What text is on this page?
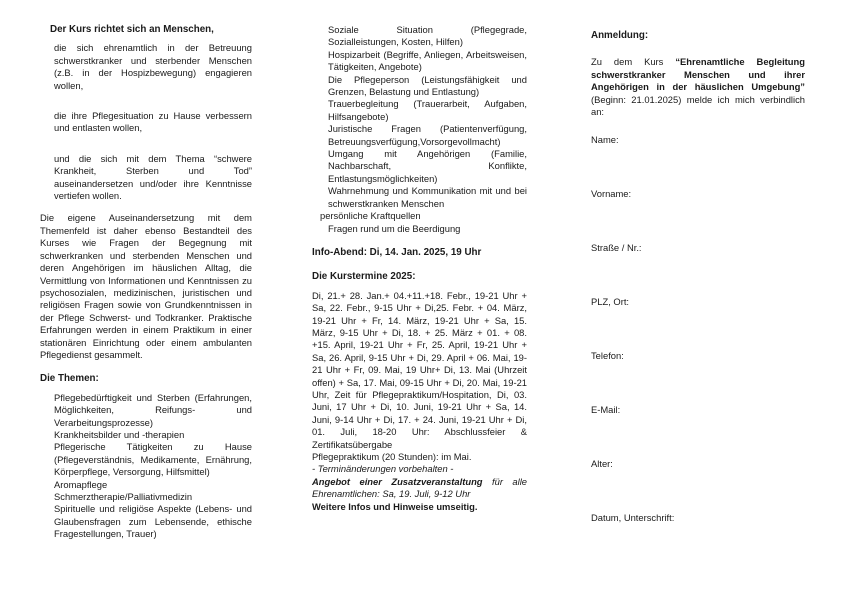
Der Kurs richtet sich an Menschen,

die sich ehrenamtlich in der Betreuung schwerstkranker und sterbender Menschen (z.B. in der Hospizbewegung) engagieren wollen,

die ihre Pflegesituation zu Hause verbessern und entlasten wollen,

und die sich mit dem Thema “schwere Krankheit, Sterben und Tod” auseinandersetzen und/oder ihre Kenntnisse vertiefen wollen.

Die eigene Auseinandersetzung mit dem Themenfeld ist daher ebenso Bestandteil des Kurses wie Fragen der Begegnung mit schwerkranken und sterbenden Menschen und deren Angehörigen im häuslichen Alltag, die Vermittlung von Informationen und Kenntnissen zu psychosozialen, medizinischen, juristischen und religiösen Fragen sowie von Grundkenntnissen in der Pflege Schwerst- und Todkranker. Praktische Erfahrungen werden in einem Praktikum in einer stationären Einrichtung oder einem ambulanten Pflegedienst gesammelt.

Die Themen:

Pflegebedürftigkeit und Sterben (Erfahrungen, Möglichkeiten, Reifungs- und Verarbeitungsprozesse)

Krankheitsbilder und -therapien

Pflegerische Tätigkeiten zu Hause (Pflegeverständnis, Medikamente, Ernährung, Körperpflege, Versorgung, Hilfsmittel)

Aromapflege

Schmerztherapie/Palliativmedizin

Spirituelle und religiöse Aspekte (Lebens- und Glaubensfragen zum Lebensende, ethische Fragestellungen, Trauer)

Soziale Situation (Pflegegrade, Sozialleistungen, Kosten, Hilfen)

Hospizarbeit (Begriffe, Anliegen, Arbeitsweisen, Tätigkeiten, Angebote)

Die Pflegeperson (Leistungsfähigkeit und Grenzen, Belastung und Entlastung)

Trauerbegleitung (Trauerarbeit, Aufgaben, Hilfsangebote)

Juristische Fragen (Patientenverfügung, Betreuungsverfügung,Vorsorgevollmacht)

Umgang mit Angehörigen (Familie, Nachbarschaft, Konflikte, Entlastungsmöglichkeiten)

Wahrnehmung und Kommunikation mit und bei schwerstkranken Menschen

persönliche Kraftquellen

Fragen rund um die Beerdigung

Info-Abend: Di, 14. Jan. 2025, 19 Uhr

Die Kurstermine 2025:

Di, 21.+ 28. Jan.+ 04.+11.+18. Febr., 19-21 Uhr + Sa, 22. Febr., 9-15 Uhr + Di,25. Febr. + 04. März, 19-21 Uhr + Fr, 14. März, 19-21 Uhr + Sa, 15. März, 9-15 Uhr + Di, 18. + 25. März + 01. + 08. +15. April, 19-21 Uhr + Fr, 25. April, 19-21 Uhr + Sa, 26. April, 9-15 Uhr + Di, 29. April + 06. Mai, 19-21 Uhr + Fr, 09. Mai, 19 Uhr+ Di, 13. Mai (Uhrzeit offen) + Sa, 17. Mai, 09-15 Uhr + Di, 20. Mai, 19-21 Uhr, Zeit für Pflegepraktikum/Hospitation, Di, 03. Juni, 17 Uhr + Di, 10. Juni, 19-21 Uhr + Sa, 14. Juni, 9-14 Uhr + Di, 17. + 24. Juni, 19-21 Uhr + Di, 01. Juli, 18-20 Uhr: Abschlussfeier & Zertifikatsübergabe

Pflegepraktikum (20 Stunden): im Mai.

- Terminänderungen vorbehalten -

Angebot einer Zusatzveranstaltung für alle Ehrenamtlichen: Sa, 19. Juli, 9-12 Uhr

Weitere Infos und Hinweise umseitig.

Anmeldung:

Zu dem Kurs “Ehrenamtliche Begleitung schwerstkranker Menschen und ihrer Angehörigen in der häuslichen Umgebung” (Beginn: 21.01.2025) melde ich mich verbindlich an:

Name:
Vorname:
Straße / Nr.:
PLZ, Ort:
Telefon:
E-Mail:
Alter:
Datum, Unterschrift:
